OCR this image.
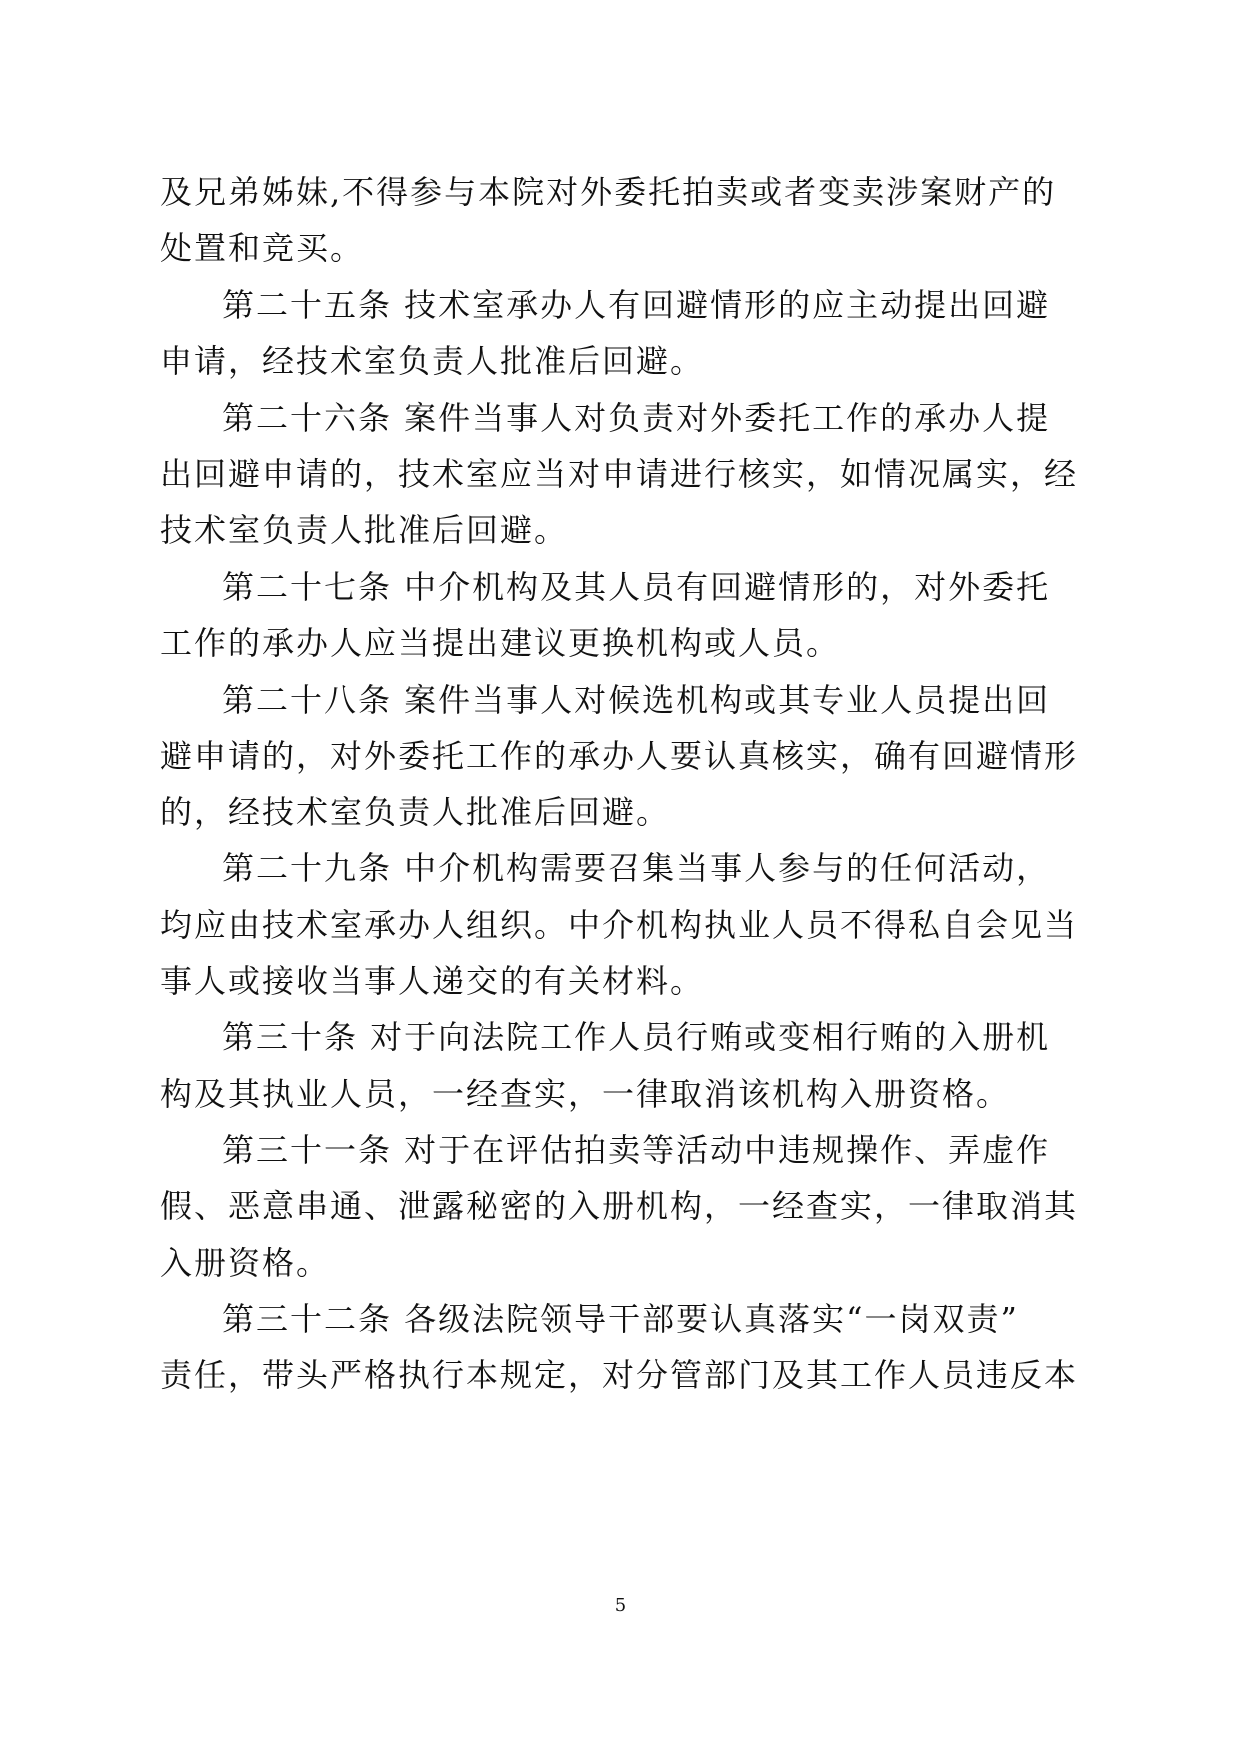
及兄弟姊妹,不得参与本院对外委托拍卖或者变卖涉案财产的
处置和竞买。
第二十五条 技术室承办人有回避情形的应主动提出回避
申请，经技术室负责人批准后回避。
第二十六条 案件当事人对负责对外委托工作的承办人提
出回避申请的，技术室应当对申请进行核实，如情况属实，经
技术室负责人批准后回避。
第二十七条 中介机构及其人员有回避情形的，对外委托
工作的承办人应当提出建议更换机构或人员。
第二十八条 案件当事人对候选机构或其专业人员提出回
避申请的，对外委托工作的承办人要认真核实，确有回避情形
的，经技术室负责人批准后回避。
第二十九条 中介机构需要召集当事人参与的任何活动，
均应由技术室承办人组织。中介机构执业人员不得私自会见当
事人或接收当事人递交的有关材料。
第三十条 对于向法院工作人员行贿或变相行贿的入册机
构及其执业人员，一经查实，一律取消该机构入册资格。
第三十一条 对于在评估拍卖等活动中违规操作、弄虚作
假、恶意串通、泄露秘密的入册机构，一经查实，一律取消其
入册资格。
第三十二条 各级法院领导干部要认真落实“一岗双责”
责任，带头严格执行本规定，对分管部门及其工作人员违反本
5
